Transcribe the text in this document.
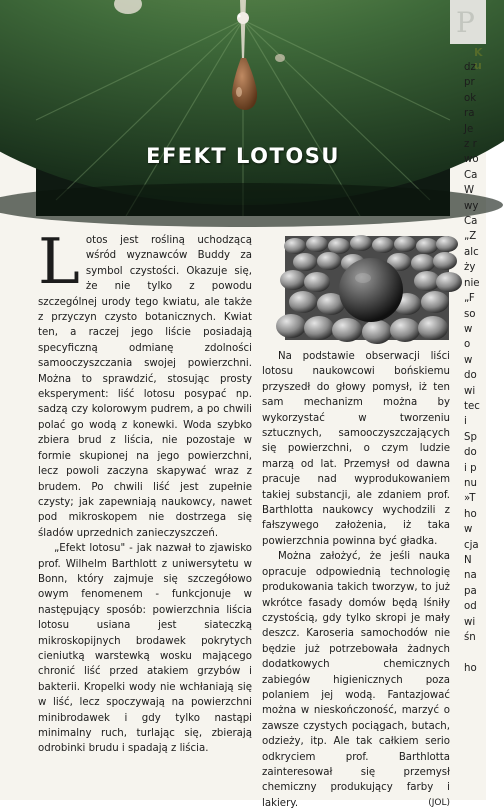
EFEKT LOTOSU
P
K
u

Lotos jest rośliną uchodzącą wśród wyznawców Buddy za symbol czystości. Okazuje się, że nie tylko z powodu szczególnej urody tego kwiatu, ale także z przyczyn czysto botanicznych. Kwiat ten, a raczej jego liście posiadają specyficzną odmianę zdolności samooczyszczania swojej powierzchni. Można to sprawdzić, stosując prosty eksperyment: liść lotosu posypać np. sadzą czy kolorowym pudrem, a po chwili polać go wodą z konewki. Woda szybko zbiera brud z liścia, nie pozostaje w formie skupionej na jego powierzchni, lecz powoli zaczyna skapywać wraz z brudem. Po chwili liść jest zupełnie czysty; jak zapewniają naukowcy, nawet pod mikroskopem nie dostrzega się śladów uprzednich zanieczyszczeń.

„Efekt lotosu" - jak nazwał to zjawisko prof. Wilhelm Barthlott z uniwersytetu w Bonn, który zajmuje się szczegółowo owym fenomenem - funkcjonuje w następujący sposób: powierzchnia liścia lotosu usiana jest siateczką mikroskopijnych brodawek pokrytych cieniutką warstewką wosku mającego chronić liść przed atakiem grzybów i bakterii. Kropelki wody nie wchłaniają się w liść, lecz spoczywają na powierzchni minibrodawek i gdy tylko nastąpi minimalny ruch, turlając się, zbierają odrobinki brudu i spadają z liścia.

Na podstawie obserwacji liści lotosu naukowcowi bońskiemu przyszedł do głowy pomysł, iż ten sam mechanizm można by wykorzystać w tworzeniu sztucznych, samooczyszczających się powierzchni, o czym ludzie marzą od lat. Przemysł od dawna pracuje nad wyprodukowaniem takiej substancji, ale zdaniem prof. Barthlotta naukowcy wychodzili z fałszywego założenia, iż taka powierzchnia powinna być gładka.

Można założyć, że jeśli nauka opracuje odpowiednią technologię produkowania takich tworzyw, to już wkrótce fasady domów będą lśniły czystością, gdy tylko skropi je mały deszcz. Karoseria samochodów nie będzie już potrzebowała żadnych dodatkowych chemicznych zabiegów higienicznych poza polaniem jej wodą. Fantazjować można w nieskończoność, marzyć o zawsze czystych pociągach, butach, odzieży, itp. Ale tak całkiem serio odkryciem prof. Barthlotta zainteresował się przemysł chemiczny produkujący farby i lakiery.	(JOL)

dz
pr
ok
ra
Je
z r
wo
Ca
W
wy
Ca
„Z
alc
ży
nie
„F
so
w
o
w
do
wi
tec
i
Sp
do
i p
nu
»T
ho
w
cja
N
na
pa
od
wi
śn

ho
